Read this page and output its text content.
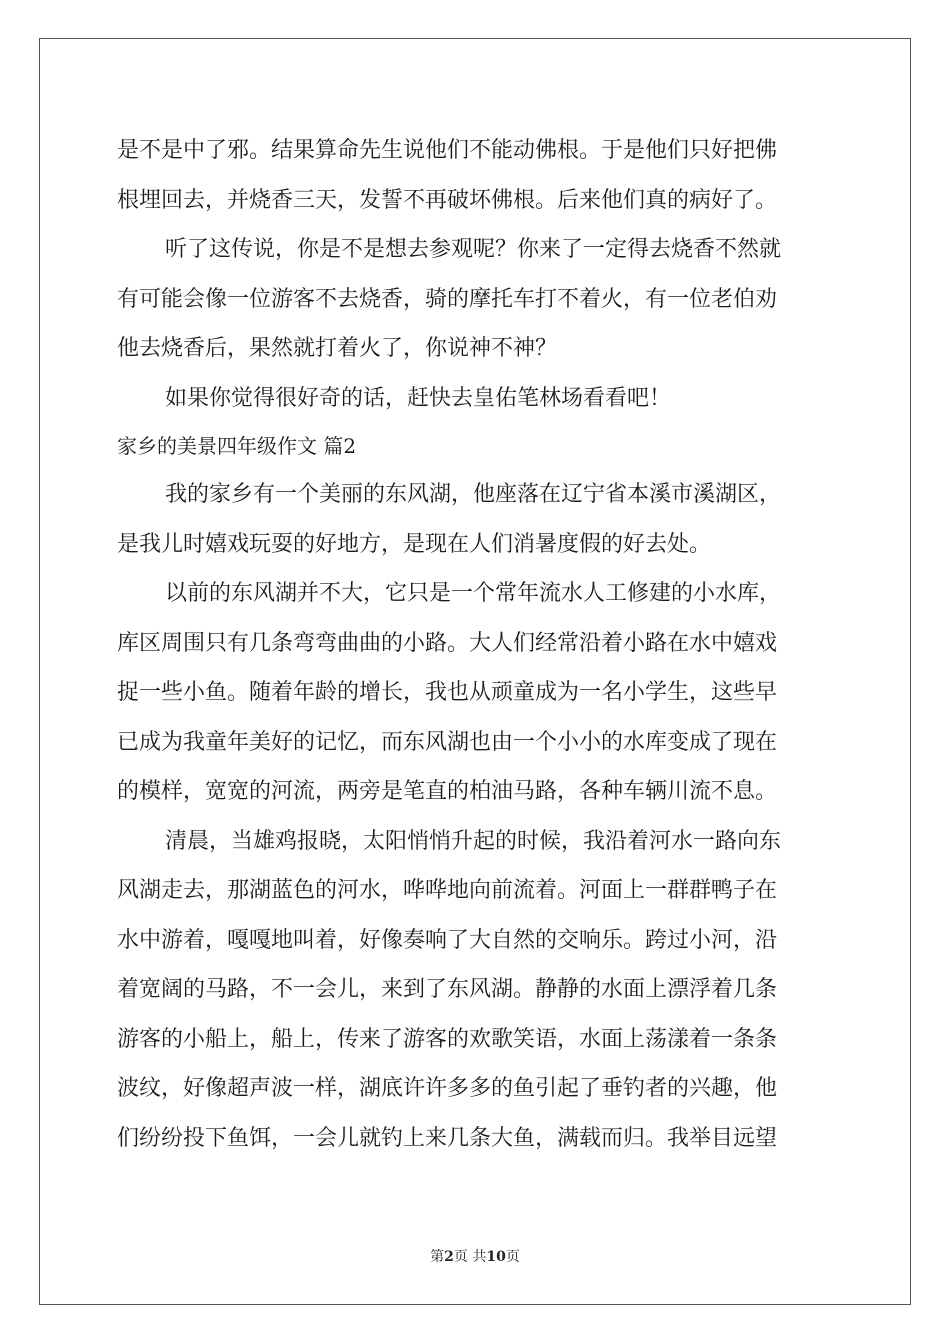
是不是中了邪。结果算命先生说他们不能动佛根。于是他们只好把佛
根埋回去，并烧香三天，发誓不再破坏佛根。后来他们真的病好了。
听了这传说，你是不是想去参观呢？你来了一定得去烧香不然就
有可能会像一位游客不去烧香，骑的摩托车打不着火，有一位老伯劝
他去烧香后，果然就打着火了，你说神不神？
如果你觉得很好奇的话，赶快去皇佑笔林场看看吧！
家乡的美景四年级作文 篇2
我的家乡有一个美丽的东风湖，他座落在辽宁省本溪市溪湖区，
是我儿时嬉戏玩耍的好地方，是现在人们消暑度假的好去处。
以前的东风湖并不大，它只是一个常年流水人工修建的小水库，
库区周围只有几条弯弯曲曲的小路。大人们经常沿着小路在水中嬉戏
捉一些小鱼。随着年龄的增长，我也从顽童成为一名小学生，这些早
已成为我童年美好的记忆，而东风湖也由一个小小的水库变成了现在
的模样，宽宽的河流，两旁是笔直的柏油马路，各种车辆川流不息。
清晨，当雄鸡报晓，太阳悄悄升起的时候，我沿着河水一路向东
风湖走去，那湖蓝色的河水，哗哗地向前流着。河面上一群群鸭子在
水中游着，嘎嘎地叫着，好像奏响了大自然的交响乐。跨过小河，沿
着宽阔的马路，不一会儿，来到了东风湖。静静的水面上漂浮着几条
游客的小船上，船上，传来了游客的欢歌笑语，水面上荡漾着一条条
波纹，好像超声波一样，湖底许许多多的鱼引起了垂钓者的兴趣，他
们纷纷投下鱼饵，一会儿就钓上来几条大鱼，满载而归。我举目远望
第2页 共10页
